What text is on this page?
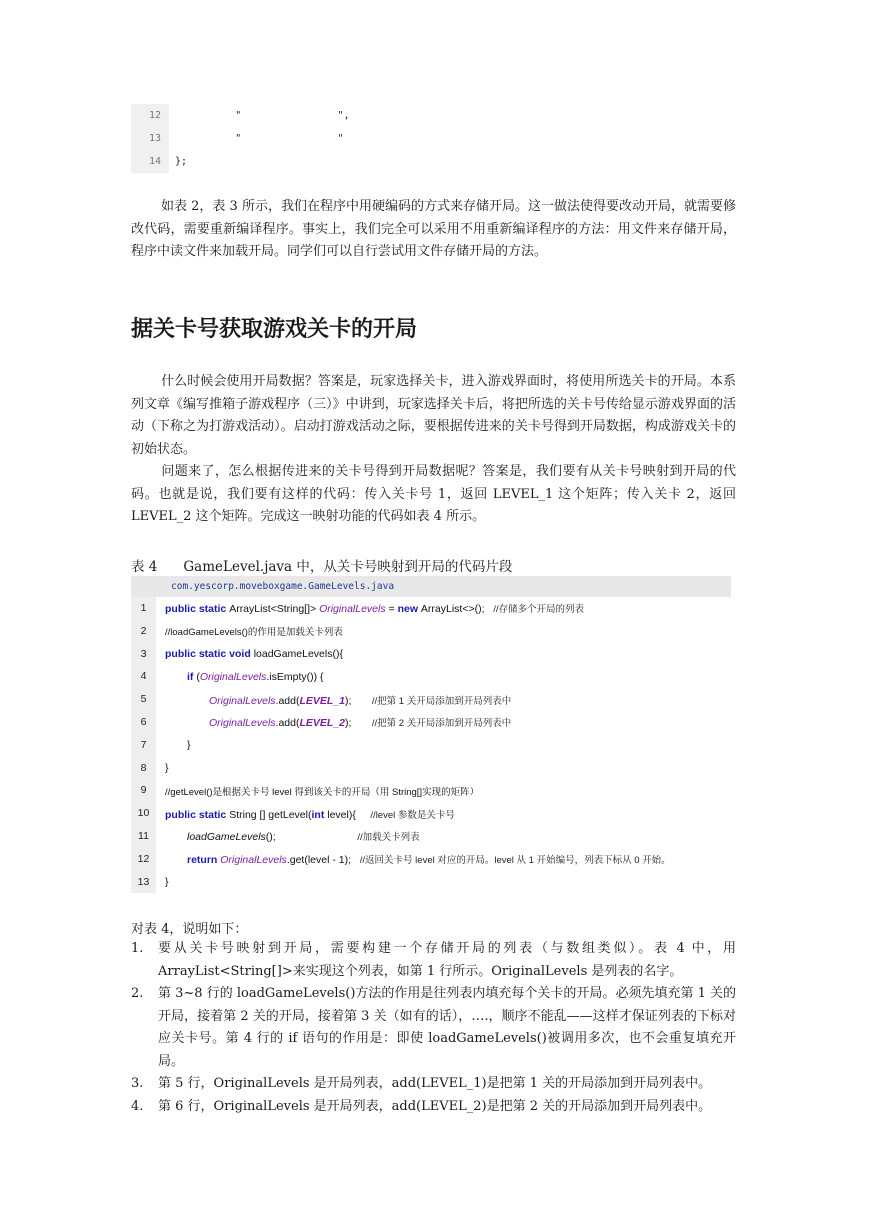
12	"                ",
13	"                "
14	};

如表 2，表 3 所示，我们在程序中用硬编码的方式来存储开局。这一做法使得要改动开局，就需要修改代码，需要重新编译程序。事实上，我们完全可以采用不用重新编译程序的方法：用文件来存储开局，程序中读文件来加载开局。同学们可以自行尝试用文件存储开局的方法。

据关卡号获取游戏关卡的开局

什么时候会使用开局数据？答案是，玩家选择关卡，进入游戏界面时，将使用所选关卡的开局。本系列文章《编写推箱子游戏程序（三）》中讲到，玩家选择关卡后，将把所选的关卡号传给显示游戏界面的活动（下称之为打游戏活动）。启动打游戏活动之际，要根据传进来的关卡号得到开局数据，构成游戏关卡的初始状态。

问题来了，怎么根据传进来的关卡号得到开局数据呢？答案是，我们要有从关卡号映射到开局的代码。也就是说，我们要有这样的代码：传入关卡号 1，返回 LEVEL_1 这个矩阵；传入关卡 2，返回 LEVEL_2 这个矩阵。完成这一映射功能的代码如表 4 所示。

表 4 GameLevel.java 中，从关卡号映射到开局的代码片段

com.yescorp.moveboxgame.GameLevels.java
1	public static ArrayList<String[]> OriginalLevels = new ArrayList<>();   //存储多个开局的列表
2	//loadGameLevels()的作用是加载关卡列表
3	public static void loadGameLevels(){
4	if (OriginalLevels.isEmpty()) {
5	OriginalLevels.add(LEVEL_1);       //把第 1 关开局添加到开局列表中
6	OriginalLevels.add(LEVEL_2);       //把第 2 关开局添加到开局列表中
7	}
8	}
9	//getLevel()是根据关卡号 level 得到该关卡的开局（用 String[]实现的矩阵）
10	public static String [] getLevel(int level){     //level 参数是关卡号
11	loadGameLevels();                            //加载关卡列表
12	return OriginalLevels.get(level - 1);   //返回关卡号 level 对应的开局。level 从 1 开始编号，列表下标从 0 开始。
13	}

对表 4，说明如下：

1. 要从关卡号映射到开局，需要构建一个存储开局的列表（与数组类似）。表 4 中，用 ArrayList<String[]>来实现这个列表，如第 1 行所示。OriginalLevels 是列表的名字。
2. 第 3~8 行的 loadGameLevels()方法的作用是往列表内填充每个关卡的开局。必须先填充第 1 关的开局，接着第 2 关的开局，接着第 3 关（如有的话），….，顺序不能乱——这样才保证列表的下标对应关卡号。第 4 行的 if 语句的作用是：即使 loadGameLevels()被调用多次，也不会重复填充开局。
3. 第 5 行，OriginalLevels 是开局列表，add(LEVEL_1)是把第 1 关的开局添加到开局列表中。
4. 第 6 行，OriginalLevels 是开局列表，add(LEVEL_2)是把第 2 关的开局添加到开局列表中。
